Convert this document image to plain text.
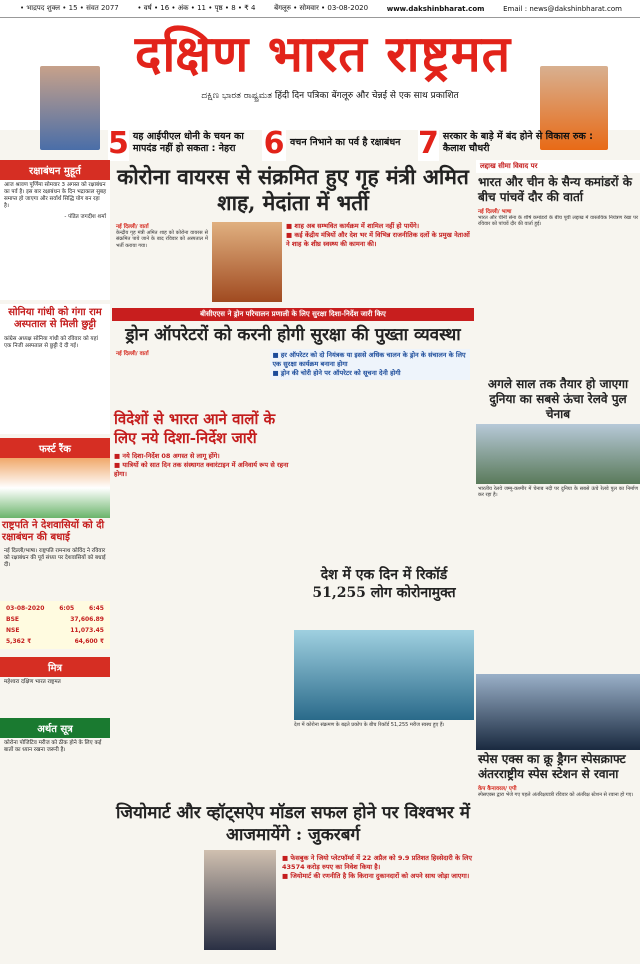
• भाद्रपद शुक्ल • 15 • संवत 2077	• वर्ष • 16 • अंक • 11 • पृष्ठ • 8 • ₹ 4	बेंगलूरु • सोमवार • 03-08-2020	www.dakshinbharat.com	Email : news@dakshinbharat.com
दक्षिण भारत राष्ट्रमत
ದಕ್ಷಿಣ ಭಾರತ ರಾಷ್ಟ್ರಮತ हिंदी दिन पत्रिका बेंगलूरु और चेन्नई से एक साथ प्रकाशित
5 यह आईपीएल धोनी के चयन का मापदंड नहीं हो सकता : नेहरा 6 वचन निभाने का पर्व है रक्षाबंधन 7 सरकार के बाड़े में बंद होने से विकास रुक : कैलाश चौधरी
रक्षाबंधन मुहूर्त
आज श्रावण पूर्णिमा सोमवार 3 अगस्त को रक्षाबंधन का पर्व है। इस बार रक्षाबंधन के दिन भद्राकाल सुबह समाप्त हो जाएगा और सर्वार्थ सिद्धि योग बन रहा है।
- पंडित जगदीश शर्मा
सोनिया गांधी को गंगा राम अस्पताल से मिली छुट्टी
कांग्रेस अध्यक्ष सोनिया गांधी को रविवार को यहां एक निजी अस्पताल से छुट्टी दे दी गई।
फर्स्ट रैंक
राष्ट्रपति ने देशवासियों को दी रक्षाबंधन की बधाई
नई दिल्ली/भाषा। राष्ट्रपति रामनाथ कोविंद ने रविवार को रक्षाबंधन की पूर्व संध्या पर देशवासियों को बधाई दी।
03-08-2020 6:05 6:45
BSE	37,606.89
NSE	11,073.45
5,362 ₹	64,600 ₹
मित्र
महेश्वरा दक्षिण भारत राष्ट्रमत
अर्थत सूत्र
कोरोना पोजिटिव मरीज को ठीक होने के लिए कई बातों का ध्यान रखना जरूरी है।
कोरोना वायरस से संक्रमित हुए गृह मंत्री अमित शाह, मेदांता में भर्ती
नई दिल्ली/ वार्ता
केन्द्रीय गृह मंत्री अमित शाह को कोरोना वायरस से संक्रमित पाये जाने के बाद रविवार को अस्पताल में भर्ती कराया गया।
■ शाह अब सम्भवित कार्यक्रम में शामिल नहीं हो पायेंगे।
■ कई केंद्रीय मंत्रियों और देश भर में विभिन्न राजनीतिक दलों के प्रमुख नेताओं ने शाह के शीघ्र स्वस्थ्य की कामना की।
बीसीएएस ने ड्रोन परिचालन प्रणाली के लिए सुरक्षा दिशा-निर्देश जारी किए
ड्रोन ऑपरेटरों को करनी होगी सुरक्षा की पुख्ता व्यवस्था
नई दिल्ली/ वार्ता	■ हर ऑपरेटर को दो नियंत्रक या इससे अधिक चालन के ड्रोन के संचालन के लिए एक सुरक्षा कार्यक्रम बनाना होगा
■ ड्रोन की चोरी होने पर ऑपरेटर को सूचना देनी होगी
विदेशों से भारत आने वालों के लिए नये दिशा-निर्देश जारी
■ नये दिशा-निर्देश 08 अगस्त से लागू होंगे।
■ यात्रियों को सात दिन तक संस्थागत क्वारंटाइन में अनिवार्य रूप से रहना होगा।
देश में एक दिन में रिकॉर्ड 51,255 लोग कोरोनामुक्त
देश में कोरोना संक्रमण के बढ़ते प्रकोप के बीच रिकॉर्ड 51,255 मरीज स्वस्थ हुए हैं।
जियोमार्ट और व्हॉट्सऐप मॉडल सफल होने पर विश्वभर में आजमायेंगे : जुकरबर्ग
■ फेसबुक ने जियो प्लेटफॉर्म्स में 22 अप्रैल को 9.9 प्रतिशत हिस्सेदारी के लिए 43574 करोड़ रुपए का निवेश किया है।
■ जियोमार्ट की रणनीति है कि किराना दुकानदारों को अपने साथ जोड़ा जाएगा।
लद्दाख सीमा विवाद पर
भारत और चीन के सैन्य कमांडरों के बीच पांचवें दौर की वार्ता
नई दिल्ली/ भाषा
भारत और चीनी सेना के शीर्ष कमांडरों के बीच पूर्वी लद्दाख में वास्तविक नियंत्रण रेखा पर रविवार को पांचवें दौर की वार्ता हुई।
अगले साल तक तैयार हो जाएगा दुनिया का सबसे ऊंचा रेलवे पुल चेनाब
भारतीय रेलवे जम्मू-कश्मीर में चेनाब नदी पर दुनिया के सबसे ऊंचे रेलवे पुल का निर्माण कर रहा है।
स्पेस एक्स का क्रू ड्रैगन स्पेसक्राफ्ट अंतरराष्ट्रीय स्पेस स्टेशन से रवाना
केप कैनावरल/ एपी
स्पेसएक्स द्वारा भेजे गए पहले अंतरिक्षयात्री रविवार को अंतरिक्ष स्टेशन से रवाना हो गए।
